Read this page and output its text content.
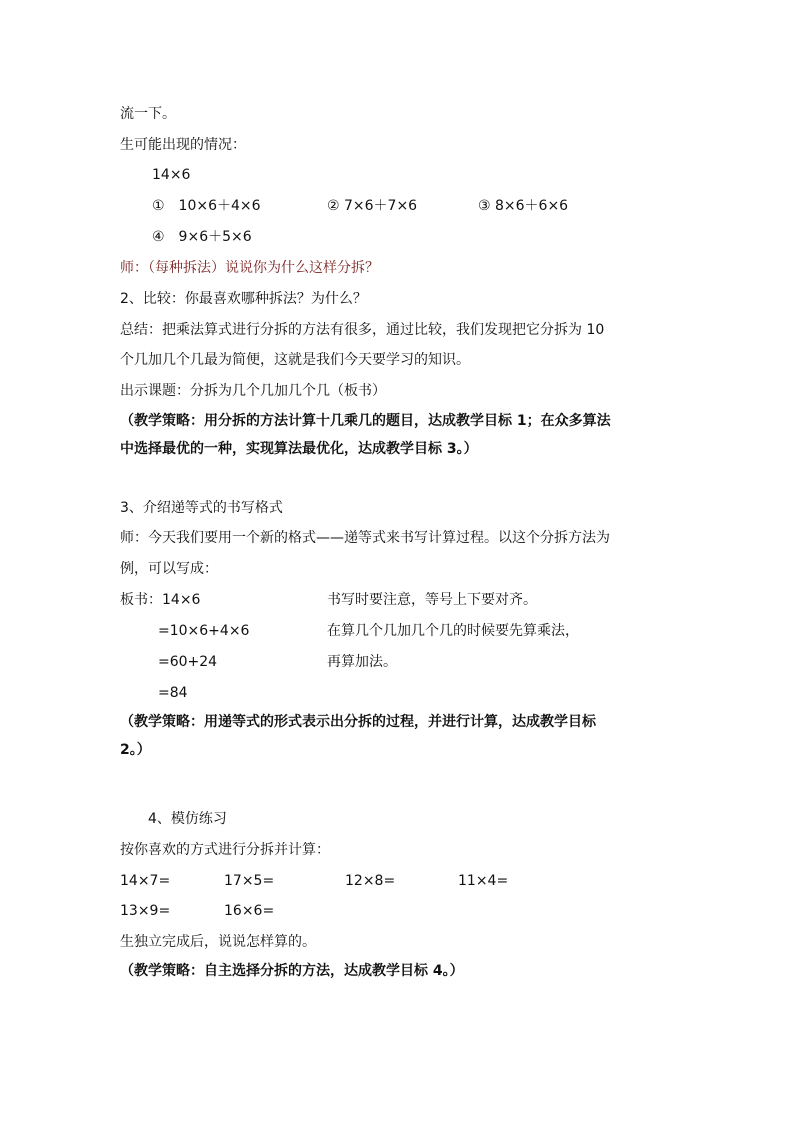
流一下。
生可能出现的情况：
14×6
①　10×6＋4×6	② 7×6＋7×6	③ 8×6＋6×6
④　9×6＋5×6
师：（每种拆法）说说你为什么这样分拆？
2、比较：你最喜欢哪种拆法？为什么？
总结：把乘法算式进行分拆的方法有很多，通过比较，我们发现把它分拆为 10
个几加几个几最为简便，这就是我们今天要学习的知识。
出示课题：分拆为几个几加几个几（板书）
（教学策略：用分拆的方法计算十几乘几的题目，达成教学目标 1；在众多算法
中选择最优的一种，实现算法最优化，达成教学目标 3。）
3、介绍递等式的书写格式
师：今天我们要用一个新的格式——递等式来书写计算过程。以这个分拆方法为
例，可以写成：
板书：14×6	书写时要注意，等号上下要对齐。
=10×6+4×6	在算几个几加几个几的时候要先算乘法，
=60+24	再算加法。
=84
（教学策略：用递等式的形式表示出分拆的过程，并进行计算，达成教学目标
2。）
4、模仿练习
按你喜欢的方式进行分拆并计算：
14×7=	17×5=	12×8=	11×4=
13×9=	16×6=
生独立完成后，说说怎样算的。
（教学策略：自主选择分拆的方法，达成教学目标 4。）
